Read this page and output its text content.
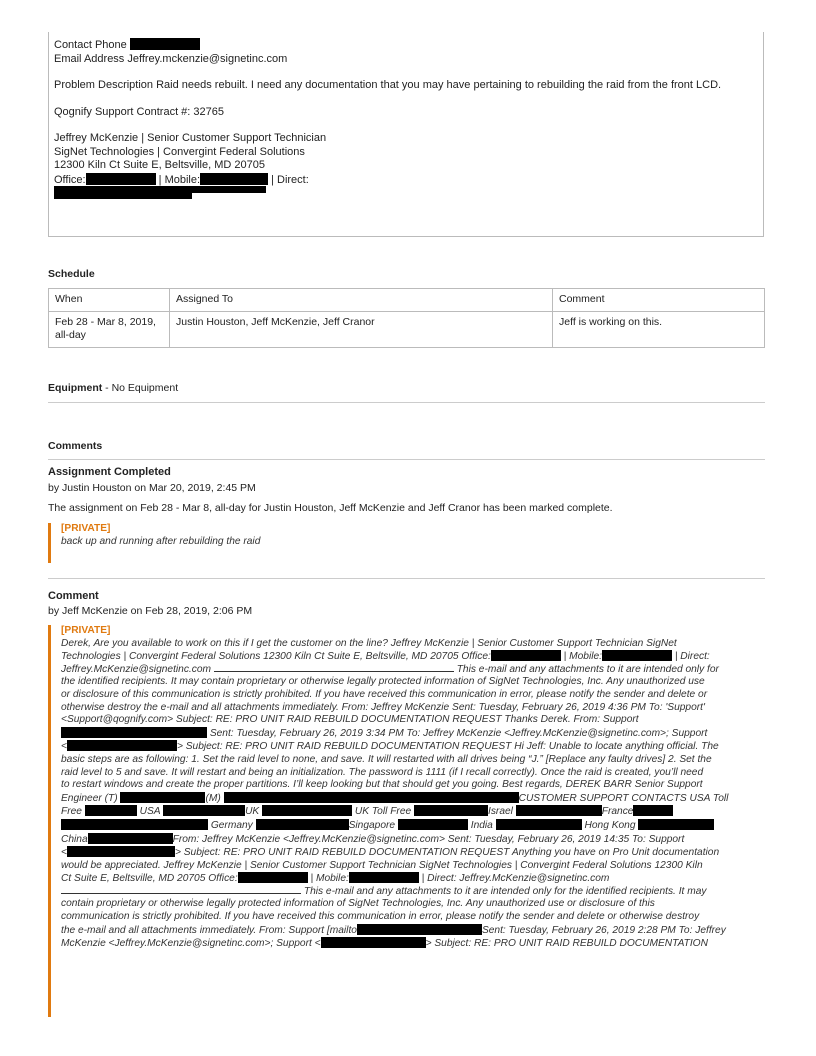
Contact Phone

Email Address Jeffrey.mckenzie@signetinc.com

Problem Description Raid needs rebuilt. I need any documentation that you may have pertaining to rebuilding the raid from the front LCD.

Qognify Support Contract #: 32765

Jeffrey McKenzie | Senior Customer Support Technician

SigNet Technologies | Convergint Federal Solutions

12300 Kiln Ct Suite E, Beltsville, MD 20705

Office:	| Mobile:	| Direct:

Schedule
When	Assigned To	Comment
Feb 28 - Mar 8, 2019, all-day	Justin Houston, Jeff McKenzie, Jeff Cranor	Jeff is working on this.
Equipment - No Equipment
Comments
Assignment Completed
by Justin Houston on Mar 20, 2019, 2:45 PM
The assignment on Feb 28 - Mar 8, all-day for Justin Houston, Jeff McKenzie and Jeff Cranor has been marked complete.
[PRIVATE]
back up and running after rebuilding the raid
Comment
by Jeff McKenzie on Feb 28, 2019, 2:06 PM
[PRIVATE]
Derek, Are you available to work on this if I get the customer on the line? Jeffrey McKenzie | Senior Customer Support Technician SigNet
Technologies | Convergint Federal Solutions 12300 Kiln Ct Suite E, Beltsville, MD 20705 Office:	| Mobile:	| Direct:
Jeffrey.McKenzie@signetinc.com	This e-mail and any attachments to it are intended only for
the identified recipients. It may contain proprietary or otherwise legally protected information of SigNet Technologies, Inc. Any unauthorized use
or disclosure of this communication is strictly prohibited. If you have received this communication in error, please notify the sender and delete or
otherwise destroy the e-mail and all attachments immediately. From: Jeffrey McKenzie Sent: Tuesday, February 26, 2019 4:36 PM To: 'Support'
<Support@qognify.com> Subject: RE: PRO UNIT RAID REBUILD DOCUMENTATION REQUEST Thanks Derek. From: Support
Sent: Tuesday, February 26, 2019 3:34 PM To: Jeffrey McKenzie <Jeffrey.McKenzie@signetinc.com>; Support
<	> Subject: RE: PRO UNIT RAID REBUILD DOCUMENTATION REQUEST Hi Jeff: Unable to locate anything official. The
basic steps are as following: 1. Set the raid level to none, and save. It will restarted with all drives being “J.” [Replace any faulty drives] 2. Set the
raid level to 5 and save. It will restart and being an initialization. The password is 1111 (if I recall correctly). Once the raid is created, you’ll need
to restart windows and create the proper partitions. I’ll keep looking but that should get you going. Best regards, DEREK BARR Senior Support
Engineer (T)	(M)	CUSTOMER SUPPORT CONTACTS USA Toll
Free	USA	UK	UK Toll Free	Israel	France
Germany	Singapore	India	Hong Kong
China	From: Jeffrey McKenzie <Jeffrey.McKenzie@signetinc.com> Sent: Tuesday, February 26, 2019 14:35 To: Support
<	> Subject: RE: PRO UNIT RAID REBUILD DOCUMENTATION REQUEST Anything you have on Pro Unit documentation
would be appreciated. Jeffrey McKenzie | Senior Customer Support Technician SigNet Technologies | Convergint Federal Solutions 12300 Kiln
Ct Suite E, Beltsville, MD 20705 Office:	| Mobile:	| Direct: Jeffrey.McKenzie@signetinc.com
This e-mail and any attachments to it are intended only for the identified recipients. It may
contain proprietary or otherwise legally protected information of SigNet Technologies, Inc. Any unauthorized use or disclosure of this
communication is strictly prohibited. If you have received this communication in error, please notify the sender and delete or otherwise destroy
the e-mail and all attachments immediately. From: Support [mailto	Sent: Tuesday, February 26, 2019 2:28 PM To: Jeffrey
McKenzie <Jeffrey.McKenzie@signetinc.com>; Support <	> Subject: RE: PRO UNIT RAID REBUILD DOCUMENTATION
